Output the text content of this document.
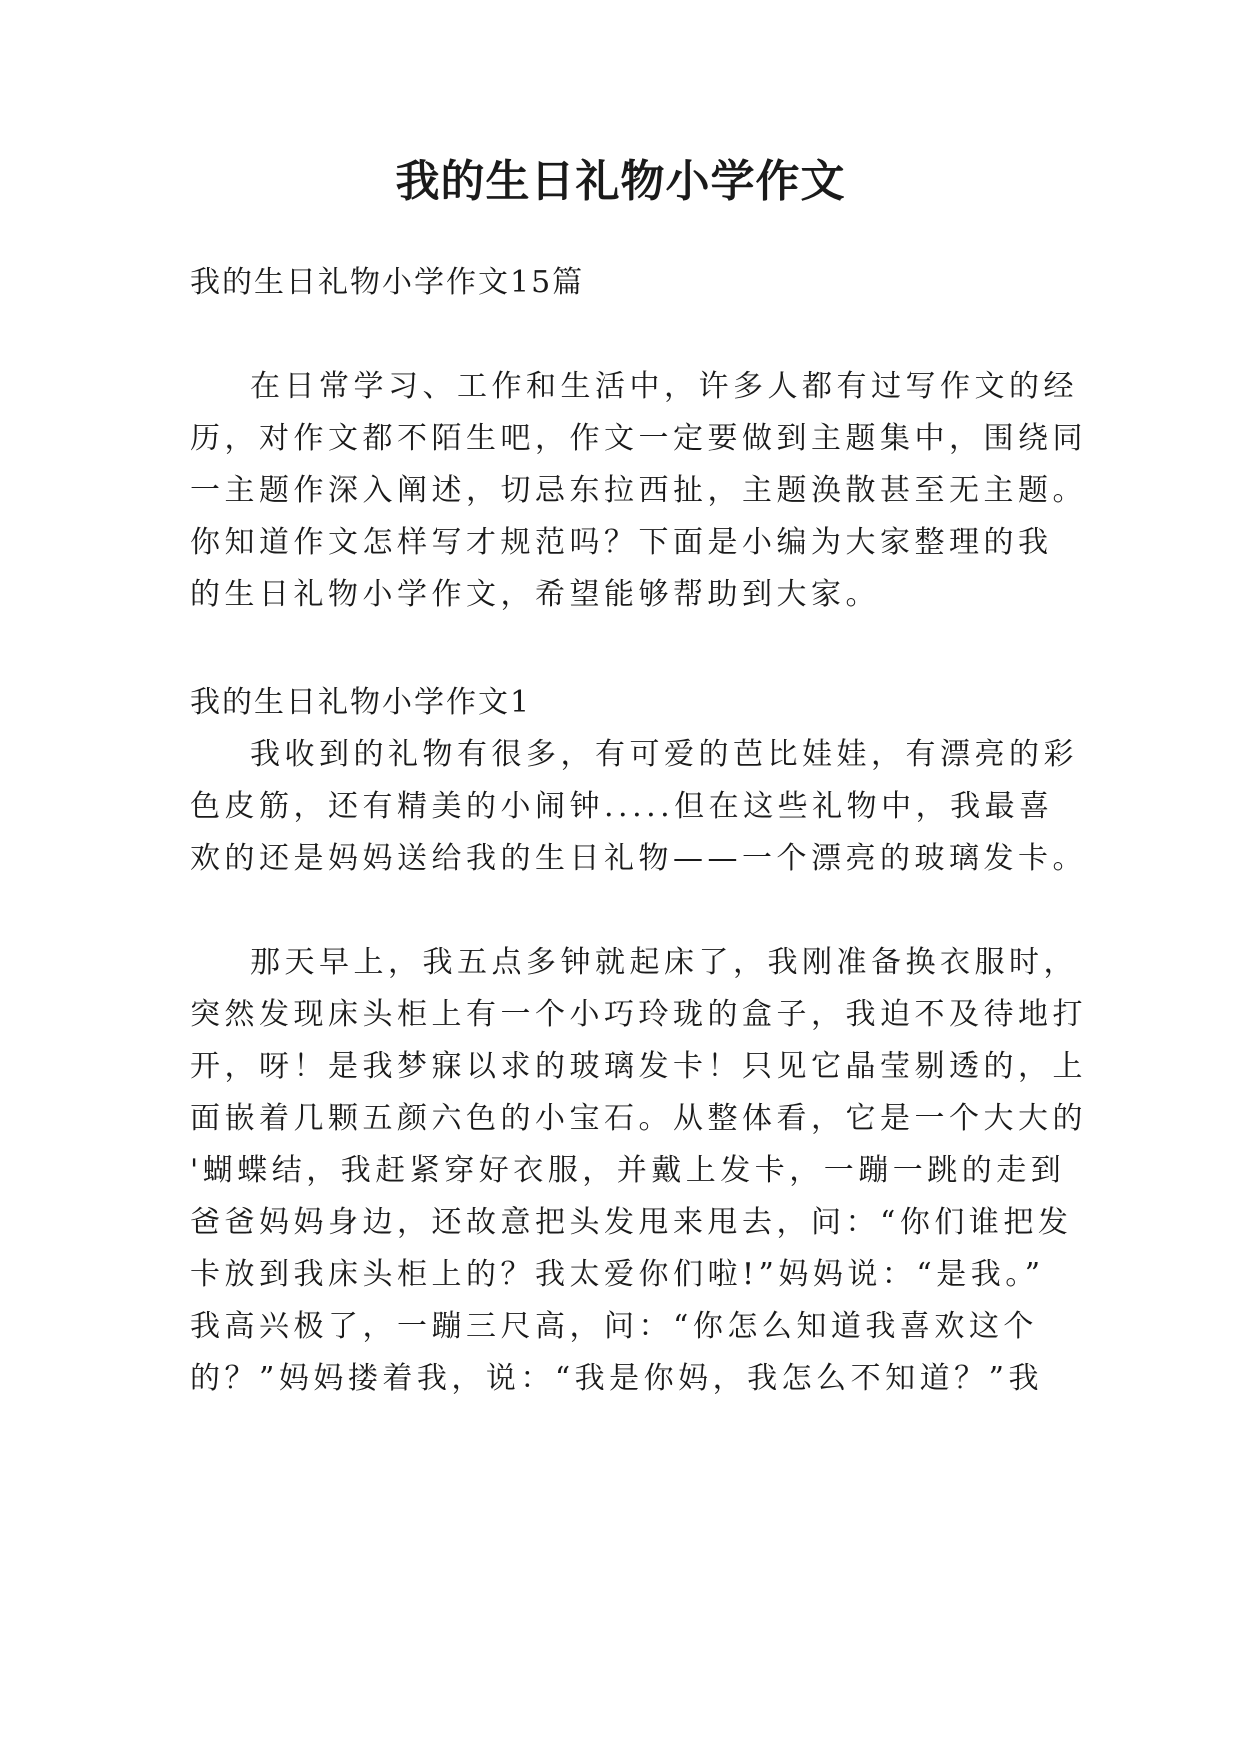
我的生日礼物小学作文
我的生日礼物小学作文15篇
在日常学习、工作和生活中，许多人都有过写作文的经
历，对作文都不陌生吧，作文一定要做到主题集中，围绕同
一主题作深入阐述，切忌东拉西扯，主题涣散甚至无主题。
你知道作文怎样写才规范吗？下面是小编为大家整理的我
的生日礼物小学作文，希望能够帮助到大家。
我的生日礼物小学作文1
我收到的礼物有很多，有可爱的芭比娃娃，有漂亮的彩
色皮筋，还有精美的小闹钟.....但在这些礼物中，我最喜
欢的还是妈妈送给我的生日礼物——一个漂亮的玻璃发卡。
那天早上，我五点多钟就起床了，我刚准备换衣服时，
突然发现床头柜上有一个小巧玲珑的盒子，我迫不及待地打
开，呀！是我梦寐以求的玻璃发卡！只见它晶莹剔透的，上
面嵌着几颗五颜六色的小宝石。从整体看，它是一个大大的
'蝴蝶结，我赶紧穿好衣服，并戴上发卡，一蹦一跳的走到
爸爸妈妈身边，还故意把头发甩来甩去，问：“你们谁把发
卡放到我床头柜上的？我太爱你们啦!”妈妈说：“是我。”
我高兴极了，一蹦三尺高，问：“你怎么知道我喜欢这个
的？”妈妈搂着我，说：“我是你妈，我怎么不知道？”我
